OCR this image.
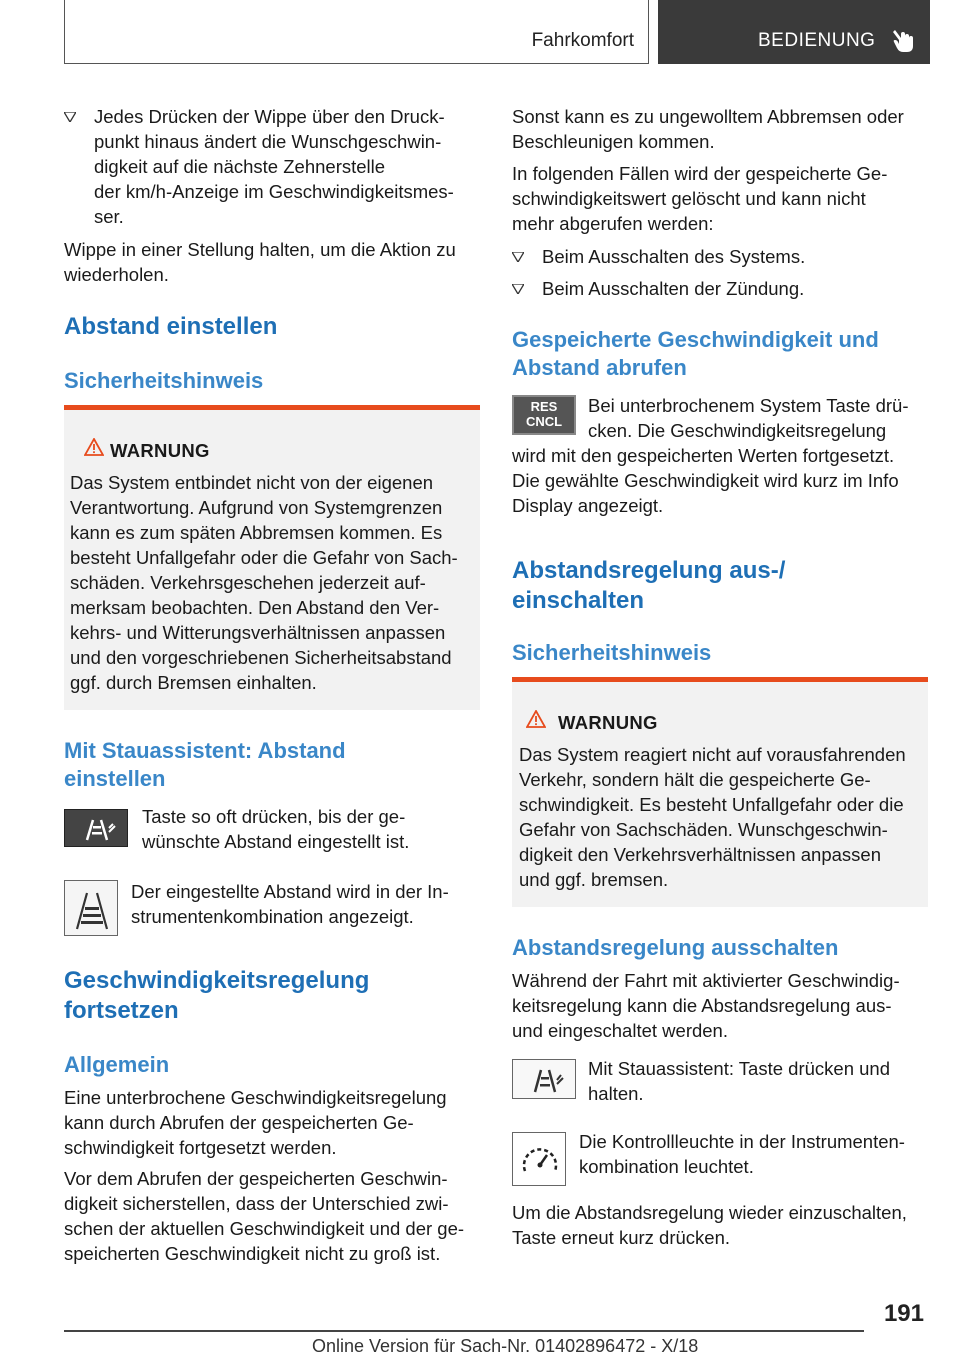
Fahrkomfort	BEDIENUNG
Jedes Drücken der Wippe über den Druck-
punkt hinaus ändert die Wunschgeschwin-
digkeit auf die nächste Zehnerstelle
der km/h-Anzeige im Geschwindigkeitsmes-
ser.
Wippe in einer Stellung halten, um die Aktion zu
wiederholen.
Abstand einstellen
Sicherheitshinweis
WARNUNG
Das System entbindet nicht von der eigenen
Verantwortung. Aufgrund von Systemgrenzen
kann es zum späten Abbremsen kommen. Es
besteht Unfallgefahr oder die Gefahr von Sach-
schäden. Verkehrsgeschehen jederzeit auf-
merksam beobachten. Den Abstand den Ver-
kehrs- und Witterungsverhältnissen anpassen
und den vorgeschriebenen Sicherheitsabstand
ggf. durch Bremsen einhalten.
Mit Stauassistent: Abstand
einstellen
Taste so oft drücken, bis der ge-
wünschte Abstand eingestellt ist.
Der eingestellte Abstand wird in der In-
strumentenkombination angezeigt.
Geschwindigkeitsregelung
fortsetzen
Allgemein
Eine unterbrochene Geschwindigkeitsregelung
kann durch Abrufen der gespeicherten Ge-
schwindigkeit fortgesetzt werden.
Vor dem Abrufen der gespeicherten Geschwin-
digkeit sicherstellen, dass der Unterschied zwi-
schen der aktuellen Geschwindigkeit und der ge-
speicherten Geschwindigkeit nicht zu groß ist.
Sonst kann es zu ungewolltem Abbremsen oder
Beschleunigen kommen.
In folgenden Fällen wird der gespeicherte Ge-
schwindigkeitswert gelöscht und kann nicht
mehr abgerufen werden:
Beim Ausschalten des Systems.
Beim Ausschalten der Zündung.
Gespeicherte Geschwindigkeit und
Abstand abrufen
RES
CNCL

Bei unterbrochenem System Taste drü-
cken. Die Geschwindigkeitsregelung
wird mit den gespeicherten Werten fortgesetzt.
Die gewählte Geschwindigkeit wird kurz im Info
Display angezeigt.
Abstandsregelung aus-/
einschalten
Sicherheitshinweis
WARNUNG
Das System reagiert nicht auf vorausfahrenden
Verkehr, sondern hält die gespeicherte Ge-
schwindigkeit. Es besteht Unfallgefahr oder die
Gefahr von Sachschäden. Wunschgeschwin-
digkeit den Verkehrsverhältnissen anpassen
und ggf. bremsen.
Abstandsregelung ausschalten
Während der Fahrt mit aktivierter Geschwindig-
keitsregelung kann die Abstandsregelung aus-
und eingeschaltet werden.
Mit Stauassistent: Taste drücken und
halten.
Die Kontrollleuchte in der Instrumenten-
kombination leuchtet.
Um die Abstandsregelung wieder einzuschalten,
Taste erneut kurz drücken.
191
Online Version für Sach-Nr. 01402896472 - X/18
